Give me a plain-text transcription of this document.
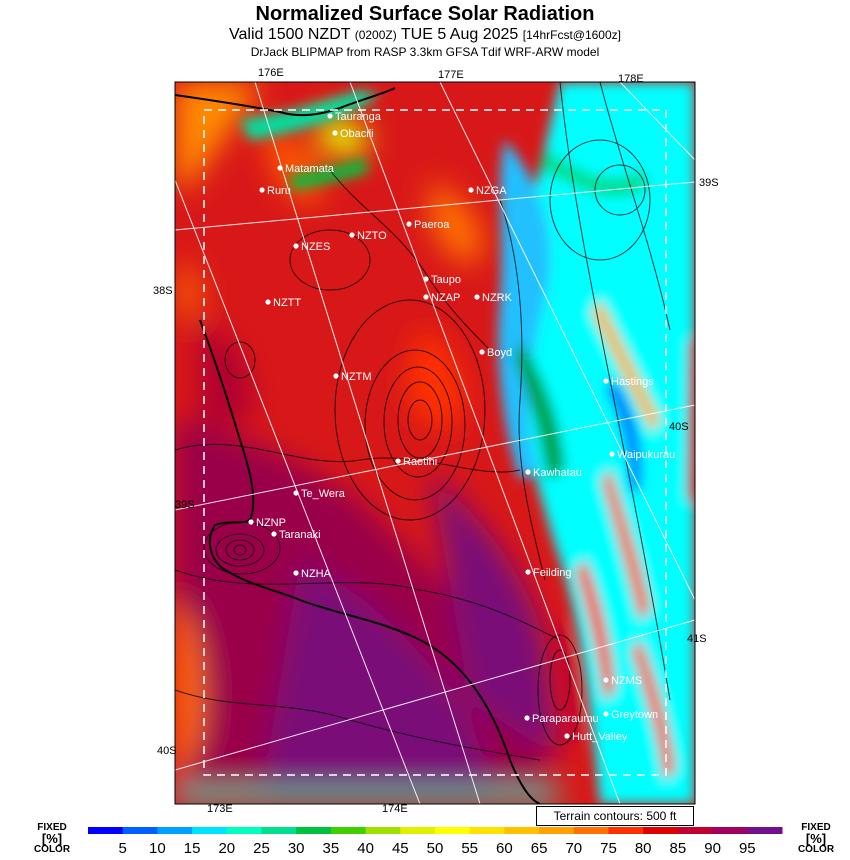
Normalized Surface Solar Radiation
Valid 1500 NZDT (0200Z) TUE 5 Aug 2025 [14hrFcst@1600z]
DrJack BLIPMAP from RASP 3.3km GFSA Tdif WRF-ARW model
176E	177E	178E
39S
40S
41S
38S
39S
40S
173E	174E
Tauranga
Obacili
Matamata
Ruru	NZGA
Paeroa
NZTO
NZES
Taupo
NZAP NZRK
NZTT
Boyd
Hastings
NZTM
Raetihi
Waipukurau
Kawhatau
Te_Wera
NZNP
Taranaki
NZHA	Feilding
NZMS
Paraparaumu Greytown
Hutt_Valley
5 10 15 20 25 30 35 40 45 50 55 60 65 70 75 80 85 90 95
Terrain contours: 500 ft
FIXED
[%]
COLOR
FIXED
[%]
COLOR
